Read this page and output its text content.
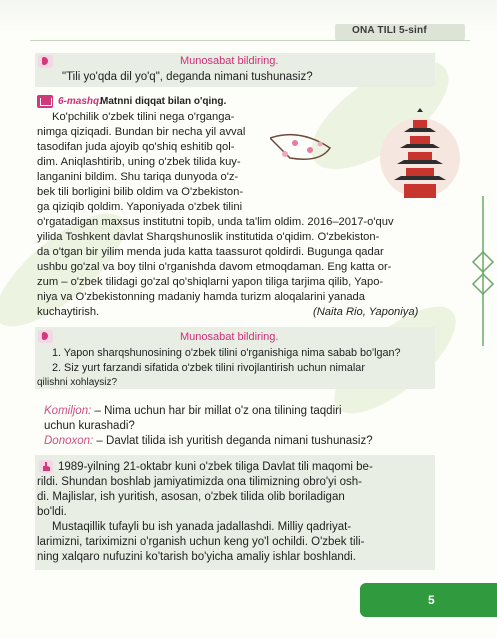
ONA TILI 5-sinf
Munosabat bildiring.
"Tili yo'qda dil yo'q", deganda nimani tushunasiz?
6-mashq.
Matnni diqqat bilan o'qing.
Ko'pchilik o'zbek tilini nega o'rganga-
nimga qiziqadi. Bundan bir necha yil avval
tasodifan juda ajoyib qo'shiq eshitib qol-
dim. Aniqlashtirib, uning o'zbek tilida kuy-
langanini bildim. Shu tariqa dunyoda o'z-
bek tili borligini bilib oldim va O'zbekiston-
ga qiziqib qoldim. Yaponiyada o'zbek tilini
o'rgatadigan maxsus institutni topib, unda ta'lim oldim. 2016–2017-o'quv
yilida Toshkent davlat Sharqshunoslik institutida o'qidim. O'zbekiston-
da o'tgan bir yilim menda juda katta taassurot qoldirdi. Bugunga qadar
ushbu go'zal va boy tilni o'rganishda davom etmoqdaman. Eng katta or-
zum – o'zbek tilidagi go'zal qo'shiqlarni yapon tiliga tarjima qilib, Yapo-
niya va O'zbekistonning madaniy hamda turizm aloqalarini yanada
kuchaytirish.	(Naita Rio, Yaponiya)
Munosabat bildiring.
1. Yapon sharqshunosining o'zbek tilini o'rganishiga nima sabab bo'lgan?
2. Siz yurt farzandi sifatida o'zbek tilini rivojlantirish uchun nimalar
qilishni xohlaysiz?
Komiljon: – Nima uchun har bir millat o'z ona tilining taqdiri
uchun kurashadi?
Donoxon: – Davlat tilida ish yuritish deganda nimani tushunasiz?
1989-yilning 21-oktabr kuni o'zbek tiliga Davlat tili maqomi be-
rildi. Shundan boshlab jamiyatimizda ona tilimizning obro'yi osh-
di. Majlislar, ish yuritish, asosan, o'zbek tilida olib boriladigan
bo'ldi.
Mustaqillik tufayli bu ish yanada jadallashdi. Milliy qadriyat-
larimizni, tariximizni o'rganish uchun keng yo'l ochildi. O'zbek tili-
ning xalqaro nufuzini ko'tarish bo'yicha amaliy ishlar boshlandi.
5
